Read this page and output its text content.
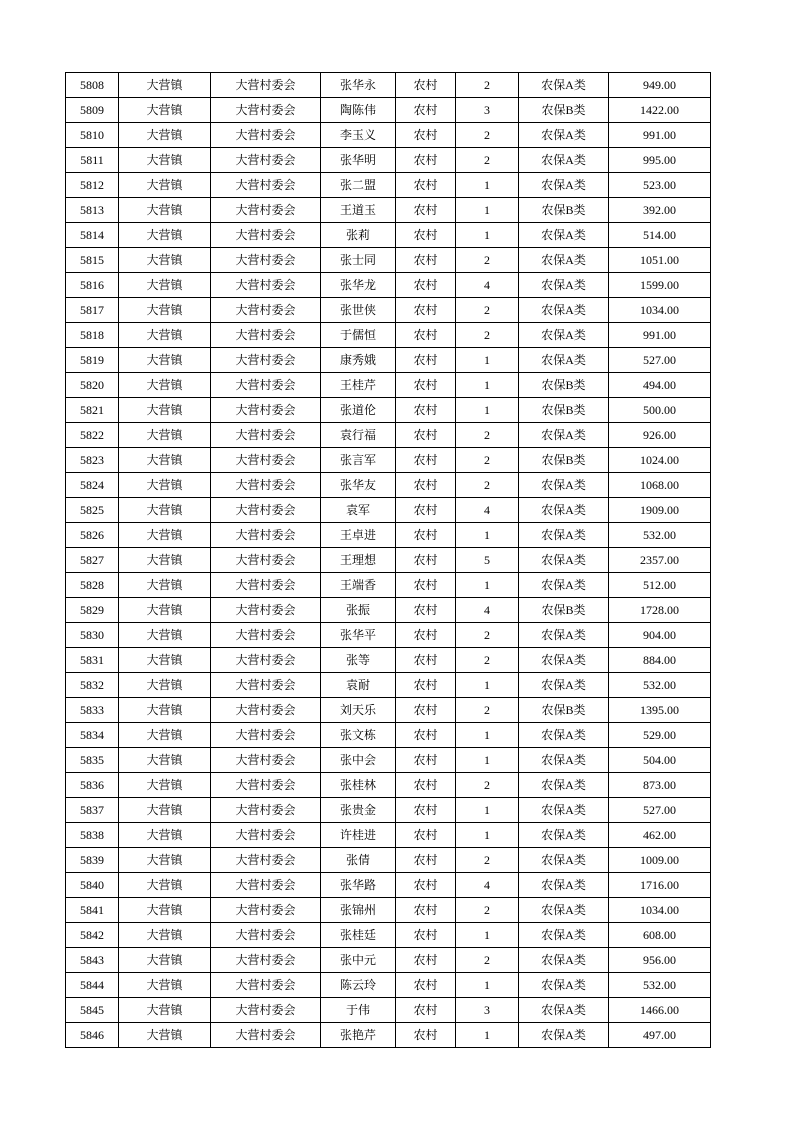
5808	大营镇	大营村委会	张华永	农村	2	农保A类	949.00
5809	大营镇	大营村委会	陶陈伟	农村	3	农保B类	1422.00
5810	大营镇	大营村委会	李玉义	农村	2	农保A类	991.00
5811	大营镇	大营村委会	张华明	农村	2	农保A类	995.00
5812	大营镇	大营村委会	张二盟	农村	1	农保A类	523.00
5813	大营镇	大营村委会	王道玉	农村	1	农保B类	392.00
5814	大营镇	大营村委会	张莉	农村	1	农保A类	514.00
5815	大营镇	大营村委会	张士同	农村	2	农保A类	1051.00
5816	大营镇	大营村委会	张华龙	农村	4	农保A类	1599.00
5817	大营镇	大营村委会	张世侠	农村	2	农保A类	1034.00
5818	大营镇	大营村委会	于儒恒	农村	2	农保A类	991.00
5819	大营镇	大营村委会	康秀娥	农村	1	农保A类	527.00
5820	大营镇	大营村委会	王桂芹	农村	1	农保B类	494.00
5821	大营镇	大营村委会	张道伦	农村	1	农保B类	500.00
5822	大营镇	大营村委会	袁行福	农村	2	农保A类	926.00
5823	大营镇	大营村委会	张言军	农村	2	农保B类	1024.00
5824	大营镇	大营村委会	张华友	农村	2	农保A类	1068.00
5825	大营镇	大营村委会	袁军	农村	4	农保A类	1909.00
5826	大营镇	大营村委会	王卓进	农村	1	农保A类	532.00
5827	大营镇	大营村委会	王理想	农村	5	农保A类	2357.00
5828	大营镇	大营村委会	王端香	农村	1	农保A类	512.00
5829	大营镇	大营村委会	张振	农村	4	农保B类	1728.00
5830	大营镇	大营村委会	张华平	农村	2	农保A类	904.00
5831	大营镇	大营村委会	张等	农村	2	农保A类	884.00
5832	大营镇	大营村委会	袁耐	农村	1	农保A类	532.00
5833	大营镇	大营村委会	刘天乐	农村	2	农保B类	1395.00
5834	大营镇	大营村委会	张文栋	农村	1	农保A类	529.00
5835	大营镇	大营村委会	张中会	农村	1	农保A类	504.00
5836	大营镇	大营村委会	张桂林	农村	2	农保A类	873.00
5837	大营镇	大营村委会	张贵金	农村	1	农保A类	527.00
5838	大营镇	大营村委会	许桂进	农村	1	农保A类	462.00
5839	大营镇	大营村委会	张倩	农村	2	农保A类	1009.00
5840	大营镇	大营村委会	张华路	农村	4	农保A类	1716.00
5841	大营镇	大营村委会	张锦州	农村	2	农保A类	1034.00
5842	大营镇	大营村委会	张桂廷	农村	1	农保A类	608.00
5843	大营镇	大营村委会	张中元	农村	2	农保A类	956.00
5844	大营镇	大营村委会	陈云玲	农村	1	农保A类	532.00
5845	大营镇	大营村委会	于伟	农村	3	农保A类	1466.00
5846	大营镇	大营村委会	张艳芹	农村	1	农保A类	497.00
